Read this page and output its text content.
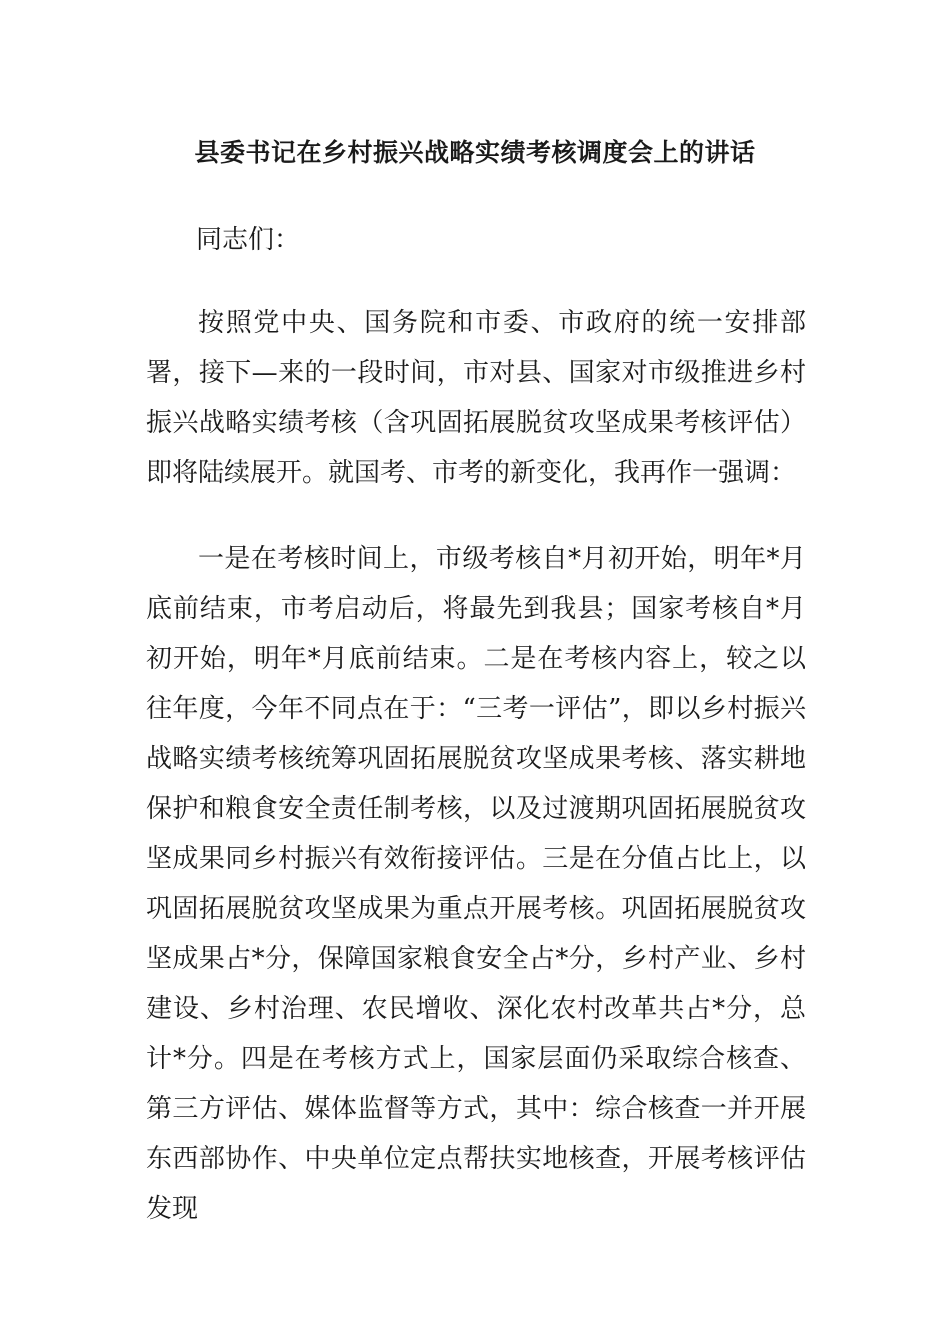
县委书记在乡村振兴战略实绩考核调度会上的讲话
同志们：

按照党中央、国务院和市委、市政府的统一安排部署，接下—来的一段时间，市对县、国家对市级推进乡村振兴战略实绩考核（含巩固拓展脱贫攻坚成果考核评估）即将陆续展开。就国考、市考的新变化，我再作一强调：

一是在考核时间上，市级考核自*月初开始，明年*月底前结束，市考启动后，将最先到我县；国家考核自*月初开始，明年*月底前结束。二是在考核内容上，较之以往年度，今年不同点在于：“三考一评估”，即以乡村振兴战略实绩考核统筹巩固拓展脱贫攻坚成果考核、落实耕地保护和粮食安全责任制考核，以及过渡期巩固拓展脱贫攻坚成果同乡村振兴有效衔接评估。三是在分值占比上，以巩固拓展脱贫攻坚成果为重点开展考核。巩固拓展脱贫攻坚成果占*分，保障国家粮食安全占*分，乡村产业、乡村建设、乡村治理、农民增收、深化农村改革共占*分，总计*分。四是在考核方式上，国家层面仍采取综合核查、第三方评估、媒体监督等方式，其中：综合核查一并开展东西部协作、中央单位定点帮扶实地核查，开展考核评估发现
